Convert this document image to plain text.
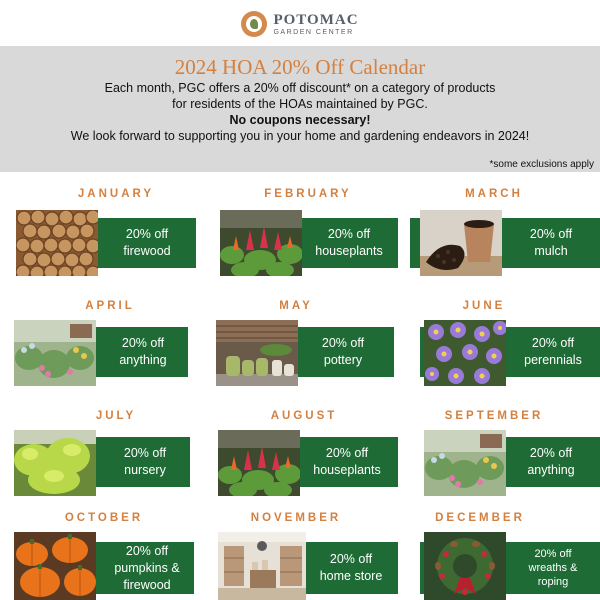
POTOMAC
GARDEN CENTER
2024 HOA 20% Off Calendar
Each month, PGC offers a 20% off discount* on a category of products
for residents of the HOAs maintained by PGC.
No coupons necessary!
We look forward to supporting you in your home and gardening endeavors in 2024!
*some exclusions apply
JANUARY
20% off
firewood
FEBRUARY
20% off
houseplants
MARCH
20% off
mulch
APRIL
20% off
anything
MAY
20% off
pottery
JUNE
20% off
perennials
JULY
20% off
nursery
AUGUST
20% off
houseplants
SEPTEMBER
20% off
anything
OCTOBER
20% off
pumpkins &
firewood
NOVEMBER
20% off
home store
DECEMBER
20% off
wreaths &
roping
